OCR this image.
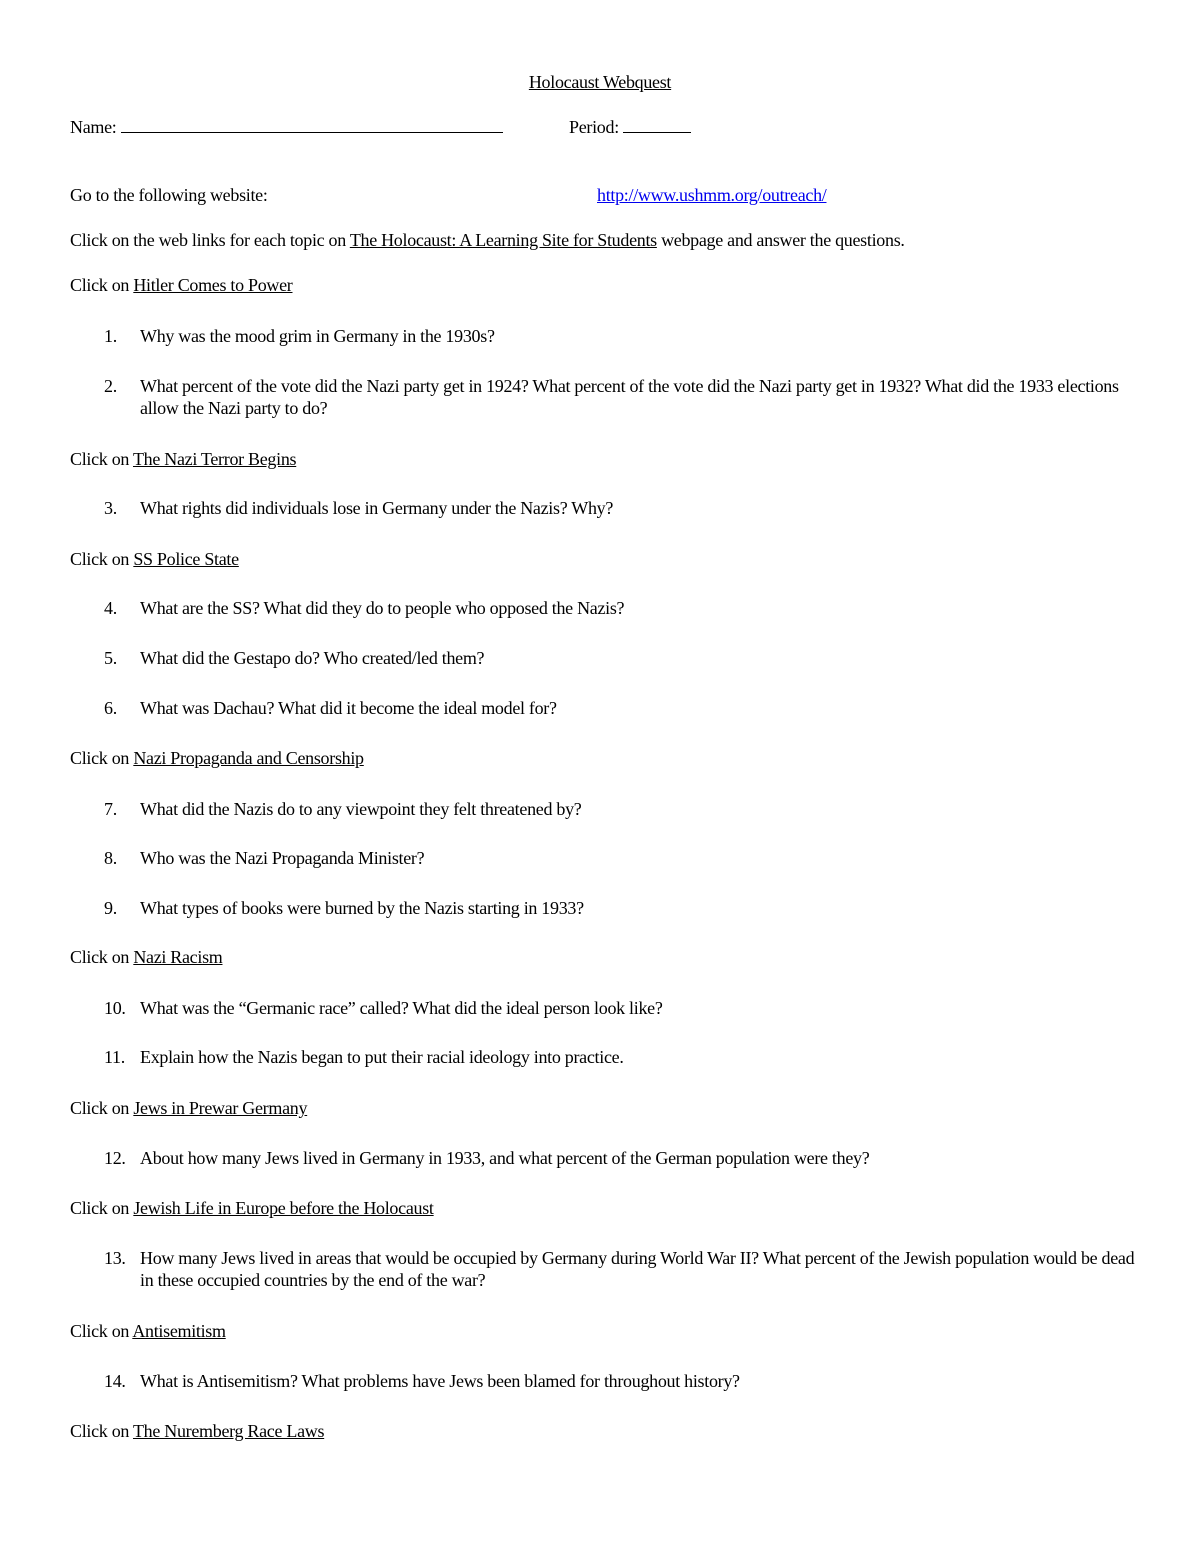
Holocaust Webquest
Name:	Period:
Go to the following website:	http://www.ushmm.org/outreach/
Click on the web links for each topic on The Holocaust: A Learning Site for Students webpage and answer the questions.
Click on Hitler Comes to Power
1. Why was the mood grim in Germany in the 1930s?
2. What percent of the vote did the Nazi party get in 1924? What percent of the vote did the Nazi party get in 1932? What did the 1933 elections allow the Nazi party to do?
Click on The Nazi Terror Begins
3. What rights did individuals lose in Germany under the Nazis? Why?
Click on SS Police State
4. What are the SS? What did they do to people who opposed the Nazis?
5. What did the Gestapo do? Who created/led them?
6. What was Dachau? What did it become the ideal model for?
Click on Nazi Propaganda and Censorship
7. What did the Nazis do to any viewpoint they felt threatened by?
8. Who was the Nazi Propaganda Minister?
9. What types of books were burned by the Nazis starting in 1933?
Click on Nazi Racism
10. What was the “Germanic race” called? What did the ideal person look like?
11. Explain how the Nazis began to put their racial ideology into practice.
Click on Jews in Prewar Germany
12. About how many Jews lived in Germany in 1933, and what percent of the German population were they?
Click on Jewish Life in Europe before the Holocaust
13. How many Jews lived in areas that would be occupied by Germany during World War II? What percent of the Jewish population would be dead in these occupied countries by the end of the war?
Click on Antisemitism
14. What is Antisemitism? What problems have Jews been blamed for throughout history?
Click on The Nuremberg Race Laws
